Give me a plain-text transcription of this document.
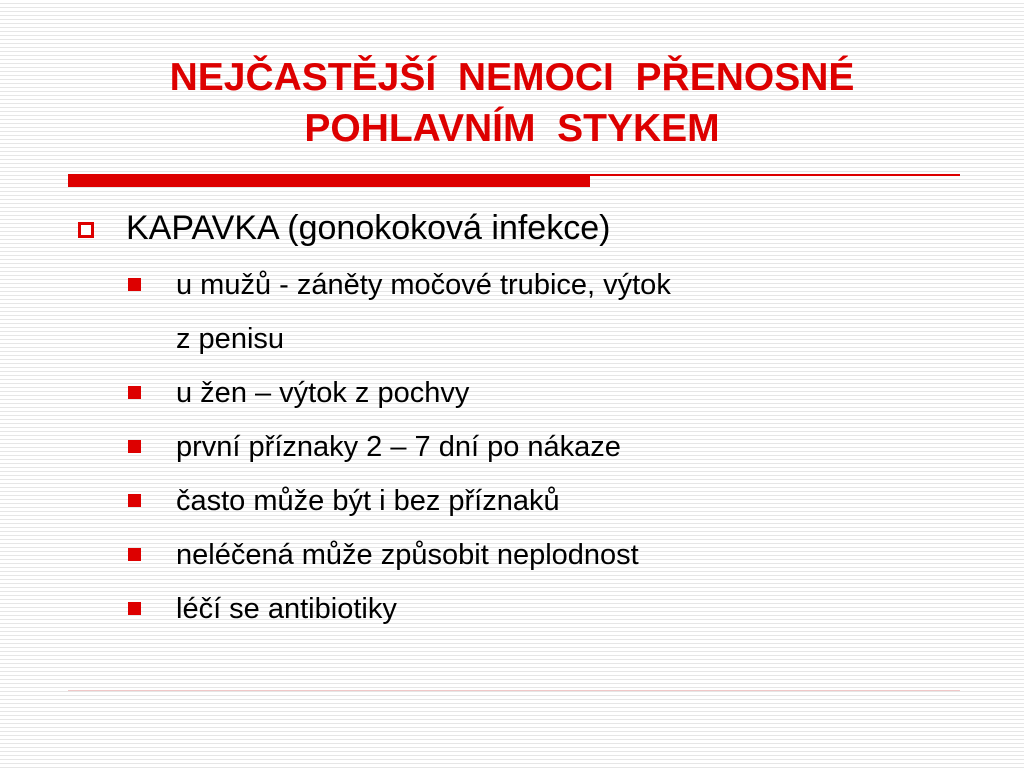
NEJČASTĚJŠÍ  NEMOCI  PŘENOSNÉ
POHLAVNÍM  STYKEM
KAPAVKA (gonokoková infekce)
u mužů - záněty močové trubice, výtok
z penisu
u žen – výtok z pochvy
první příznaky 2 – 7 dní po nákaze
často může být i bez příznaků
neléčená může způsobit neplodnost
léčí se antibiotiky
